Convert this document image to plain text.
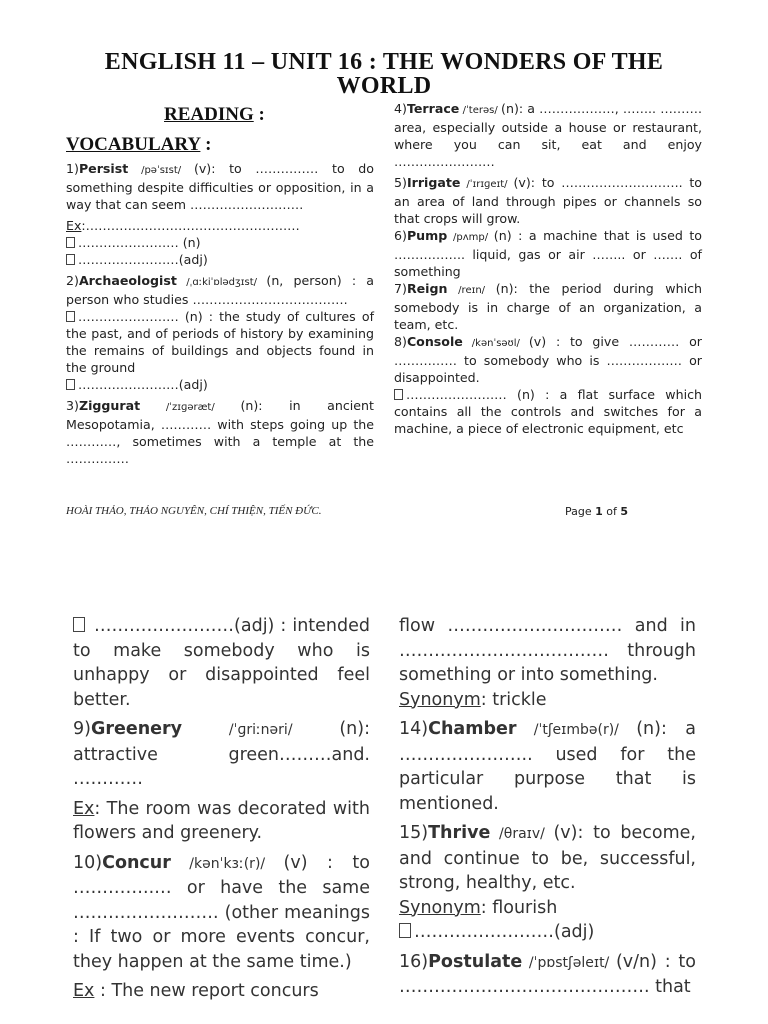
ENGLISH 11 – UNIT 16 : THE WONDERS OF THE WORLD
READING :
VOCABULARY :

1)Persist /pəˈsɪst/ (v): to …………… to do something despite difficulties or opposition, in a way that can seem ………………………

Ex:……………………………………………

…………………… (n)

……………………(adj)

2)Archaeologist /ˌɑːkiˈɒlədʒɪst/ (n, person) : a person who studies ……………………………….

…………………… (n) : the study of cultures of the past, and of periods of history by examining the remains of buildings and objects found in the ground

……………………(adj)

3)Ziggurat /ˈzɪɡəræt/ (n): in ancient Mesopotamia, ………… with steps going up the …………, sometimes with a temple at the ……………

4)Terrace /ˈterəs/ (n): a ………………, …….. ………. area, especially outside a house or restaurant, where you can sit, eat and enjoy ……………………

5)Irrigate /ˈɪrɪɡeɪt/ (v): to ……………………….. to an area of land through pipes or channels so that crops will grow.

6)Pump /pʌmp/ (n) : a machine that is used to …………….. liquid, gas or air …….. or ……. of something

7)Reign /reɪn/ (n): the period during which somebody is in charge of an organization, a team, etc.

8)Console /kənˈsəʊl/ (v) : to give ………… or …………… to somebody who is ……………… or disappointed.

…………………… (n) : a flat surface which contains all the controls and switches for a machine, a piece of electronic equipment, etc

HOÀI THẢO, THẢO NGUYÊN, CHÍ THIỆN, TIẾN ĐỨC.	Page 1 of 5

……………………(adj) : intended to make somebody who is unhappy or disappointed feel better.

9)Greenery /ˈɡriːnəri/ (n): attractive green………and. …………

Ex: The room was decorated with flowers and greenery.

10)Concur /kənˈkɜː(r)/ (v) : to …………..… or have the same ……………………. (other meanings : If two or more events concur, they happen at the same time.)

Ex : The new report concurs

flow ………………………… and in ……………………………… through something or into something.

Synonym: trickle

14)Chamber /ˈtʃeɪmbə(r)/ (n): a ………………….. used for the particular purpose that is mentioned.

15)Thrive /θraɪv/ (v): to become, and continue to be, successful, strong, healthy, etc.

Synonym: flourish

……………………(adj)

16)Postulate /ˈpɒstʃəleɪt/ (v/n) : to ……………………………………. that
